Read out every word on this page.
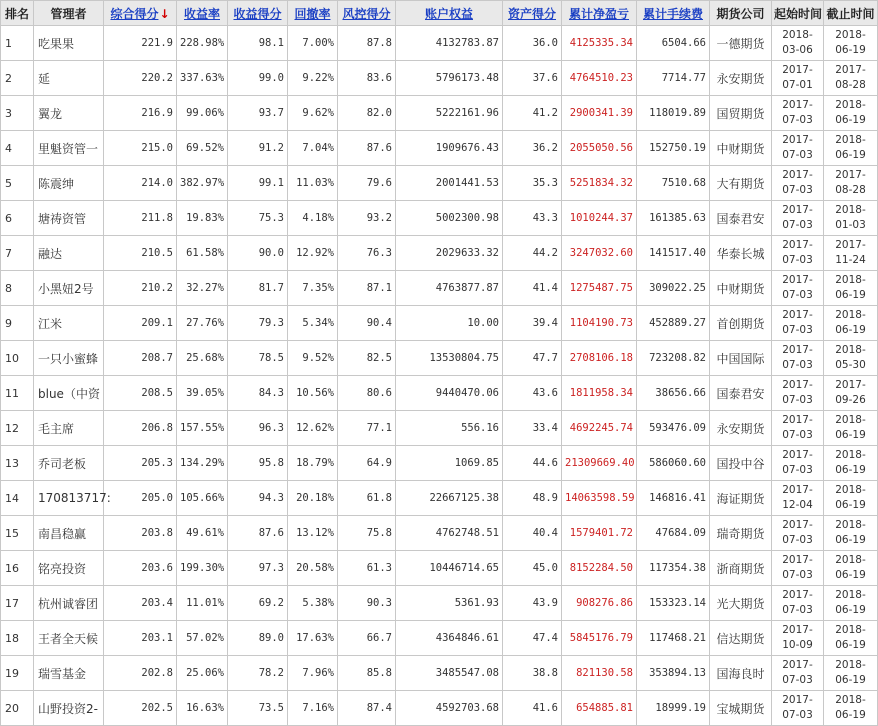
排名	管理者	综合得分↓	收益率	收益得分	回撤率	风控得分	账户权益	资产得分	累计净盈亏	累计手续费	期货公司	起始时间	截止时间
1	吃果果	221.9	228.98%	98.1	7.00%	87.8	4132783.87	36.0	4125335.34	6504.66	一德期货	2018-03-06	2018-06-19
2	延	220.2	337.63%	99.0	9.22%	83.6	5796173.48	37.6	4764510.23	7714.77	永安期货	2017-07-01	2017-08-28
3	翼龙	216.9	99.06%	93.7	9.62%	82.0	5222161.96	41.2	2900341.39	118019.89	国贸期货	2017-07-03	2018-06-19
4	里魁资管一	215.0	69.52%	91.2	7.04%	87.6	1909676.43	36.2	2055050.56	152750.19	中财期货	2017-07-03	2018-06-19
5	陈震绅	214.0	382.97%	99.1	11.03%	79.6	2001441.53	35.3	5251834.32	7510.68	大有期货	2017-07-03	2017-08-28
6	塘祷资管	211.8	19.83%	75.3	4.18%	93.2	5002300.98	43.3	1010244.37	161385.63	国泰君安	2017-07-03	2018-01-03
7	融达	210.5	61.58%	90.0	12.92%	76.3	2029633.32	44.2	3247032.60	141517.40	华泰长城	2017-07-03	2017-11-24
8	小黑妞2号	210.2	32.27%	81.7	7.35%	87.1	4763877.87	41.4	1275487.75	309022.25	中财期货	2017-07-03	2018-06-19
9	江米	209.1	27.76%	79.3	5.34%	90.4	10.00	39.4	1104190.73	452889.27	首创期货	2017-07-03	2018-06-19
10	一只小蜜蜂	208.7	25.68%	78.5	9.52%	82.5	13530804.75	47.7	2708106.18	723208.82	中国国际	2017-07-03	2018-05-30
11	blue（中资	208.5	39.05%	84.3	10.56%	80.6	9440470.06	43.6	1811958.34	38656.66	国泰君安	2017-07-03	2017-09-26
12	毛主席	206.8	157.55%	96.3	12.62%	77.1	556.16	33.4	4692245.74	593476.09	永安期货	2017-07-03	2018-06-19
13	乔司老板	205.3	134.29%	95.8	18.79%	64.9	1069.85	44.6	21309669.40	586060.60	国投中谷	2017-07-03	2018-06-19
14	170813717:	205.0	105.66%	94.3	20.18%	61.8	22667125.38	48.9	14063598.59	146816.41	海证期货	2017-12-04	2018-06-19
15	南昌稳赢	203.8	49.61%	87.6	13.12%	75.8	4762748.51	40.4	1579401.72	47684.09	瑞奇期货	2017-07-03	2018-06-19
16	铭亮投资	203.6	199.30%	97.3	20.58%	61.3	10446714.65	45.0	8152284.50	117354.38	浙商期货	2017-07-03	2018-06-19
17	杭州诚睿团	203.4	11.01%	69.2	5.38%	90.3	5361.93	43.9	908276.86	153323.14	光大期货	2017-07-03	2018-06-19
18	王者全天候	203.1	57.02%	89.0	17.63%	66.7	4364846.61	47.4	5845176.79	117468.21	信达期货	2017-10-09	2018-06-19
19	瑞雪基金	202.8	25.06%	78.2	7.96%	85.8	3485547.08	38.8	821130.58	353894.13	国海良时	2017-07-03	2018-06-19
20	山野投资2-	202.5	16.63%	73.5	7.16%	87.4	4592703.68	41.6	654885.81	18999.19	宝城期货	2017-07-03	2018-06-19
